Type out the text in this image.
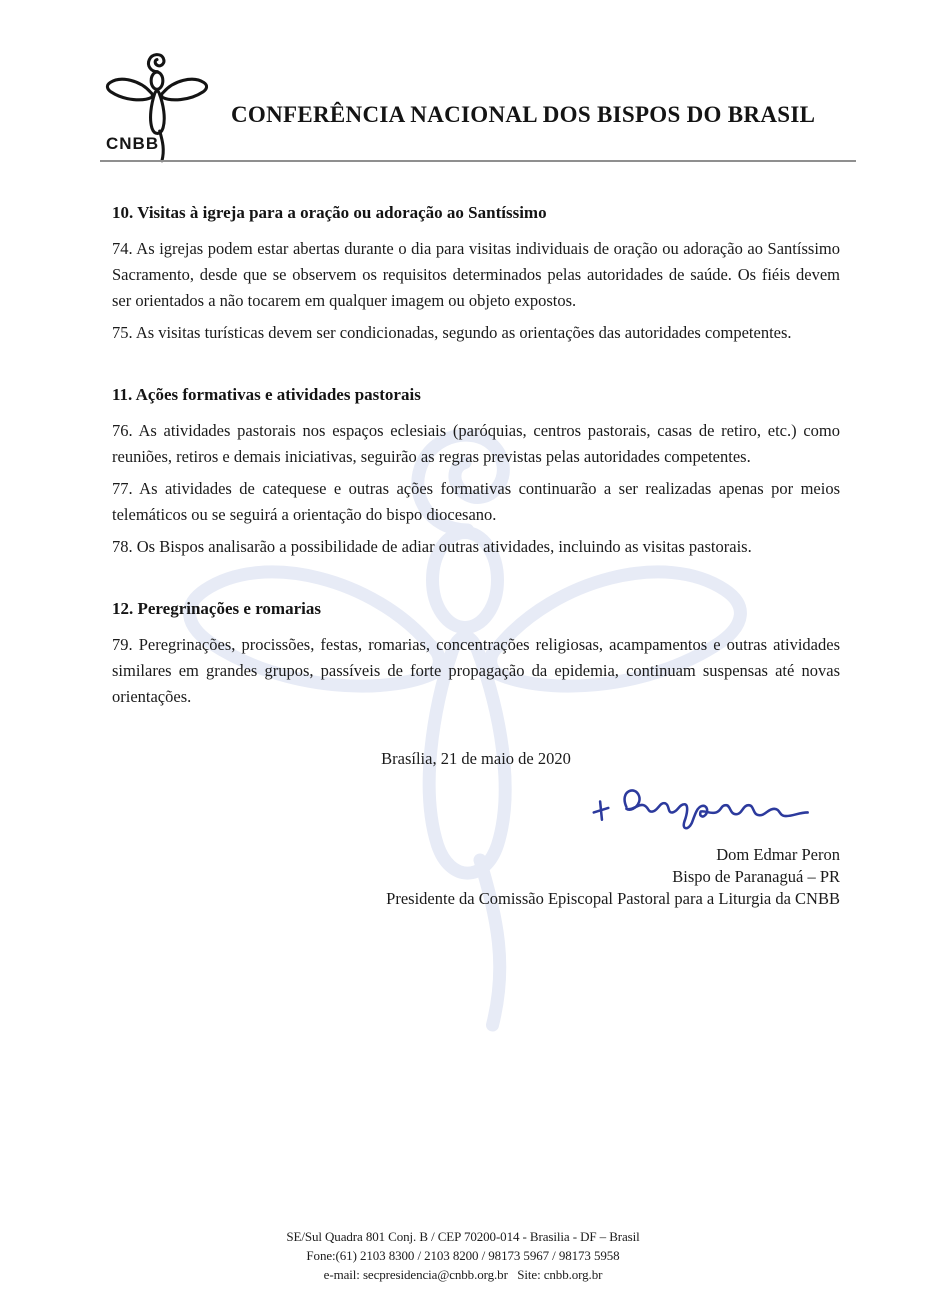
CNBB
CONFERÊNCIA NACIONAL DOS BISPOS DO BRASIL
10. Visitas à igreja para a oração ou adoração ao Santíssimo

74. As igrejas podem estar abertas durante o dia para visitas individuais de oração ou adoração ao Santíssimo Sacramento, desde que se observem os requisitos determinados pelas autoridades de saúde. Os fiéis devem ser orientados a não tocarem em qualquer imagem ou objeto expostos.

75. As visitas turísticas devem ser condicionadas, segundo as orientações das autoridades competentes.

11. Ações formativas e atividades pastorais

76. As atividades pastorais nos espaços eclesiais (paróquias, centros pastorais, casas de retiro, etc.) como reuniões, retiros e demais iniciativas, seguirão as regras previstas pelas autoridades competentes.

77. As atividades de catequese e outras ações formativas continuarão a ser realizadas apenas por meios telemáticos ou se seguirá a orientação do bispo diocesano.

78. Os Bispos analisarão a possibilidade de adiar outras atividades, incluindo as visitas pastorais.

12. Peregrinações e romarias

79. Peregrinações, procissões, festas, romarias, concentrações religiosas, acampamentos e outras atividades similares em grandes grupos, passíveis de forte propagação da epidemia, continuam suspensas até novas orientações.

Brasília, 21 de maio de 2020
Dom Edmar Peron
Bispo de Paranaguá – PR
Presidente da Comissão Episcopal Pastoral para a Liturgia da CNBB
SE/Sul Quadra 801 Conj. B / CEP 70200-014 - Brasilia - DF – Brasil
Fone:(61) 2103 8300 / 2103 8200 / 98173 5967 / 98173 5958
e-mail: secpresidencia@cnbb.org.br   Site: cnbb.org.br
